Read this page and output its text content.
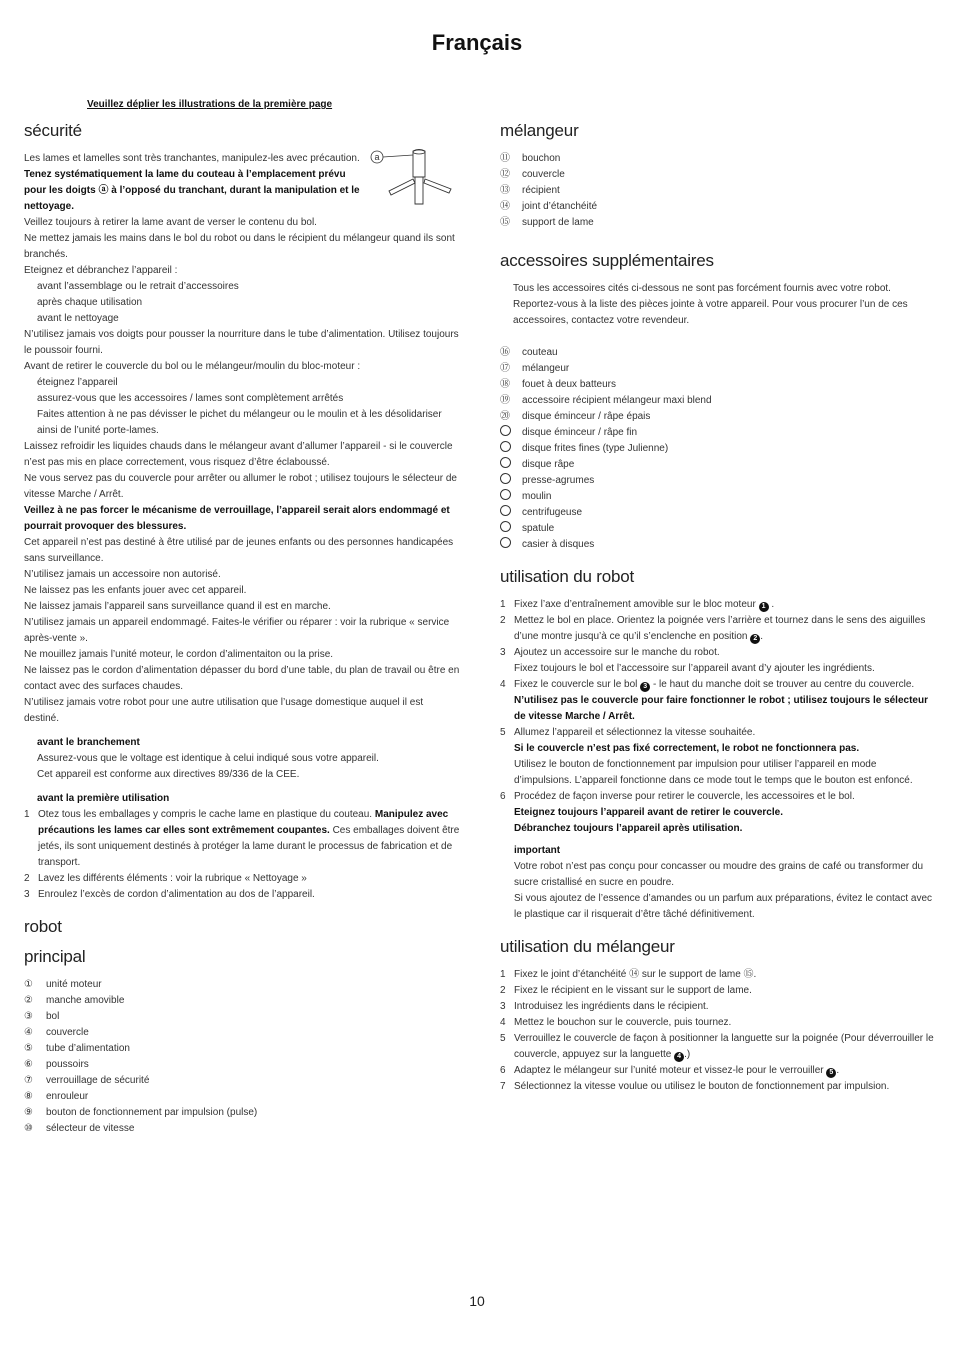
Français
Veuillez déplier les illustrations de la première page
sécurité
a

Les lames et lamelles sont très tranchantes, manipulez-les avec précaution. Tenez systématiquement la lame du couteau à l’emplacement prévu pour les doigts ⓐ à l’opposé du tranchant, durant la manipulation et le nettoyage.

Veillez toujours à retirer la lame avant de verser le contenu du bol.

Ne mettez jamais les mains dans le bol du robot ou dans le récipient du mélangeur quand ils sont branchés.

Eteignez et débranchez l’appareil :

avant l’assemblage ou le retrait d’accessoires

après chaque utilisation

avant le nettoyage

N’utilisez jamais vos doigts pour pousser la nourriture dans le tube d’alimentation. Utilisez toujours le poussoir fourni.

Avant de retirer le couvercle du bol ou le mélangeur/moulin du bloc-moteur :

éteignez l’appareil

assurez-vous que les accessoires / lames sont complètement arrêtés

Faites attention à ne pas dévisser le pichet du mélangeur ou le moulin et à les désolidariser ainsi de l’unité porte-lames.

Laissez refroidir les liquides chauds dans le mélangeur avant d’allumer l’appareil - si le couvercle n’est pas mis en place correctement, vous risquez d’être éclaboussé.

Ne vous servez pas du couvercle pour arrêter ou allumer le robot ; utilisez toujours le sélecteur de vitesse Marche / Arrêt.

Veillez à ne pas forcer le mécanisme de verrouillage, l’appareil serait alors endommagé et pourrait provoquer des blessures.

Cet appareil n’est pas destiné à être utilisé par de jeunes enfants ou des personnes handicapées sans surveillance.

N’utilisez jamais un accessoire non autorisé.

Ne laissez pas les enfants jouer avec cet appareil.

Ne laissez jamais l’appareil sans surveillance quand il est en marche.

N’utilisez jamais un appareil endommagé. Faites-le vérifier ou réparer : voir la rubrique « service après-vente ».

Ne mouillez jamais l’unité moteur, le cordon d’alimentaiton ou la prise.

Ne laissez pas le cordon d’alimentation dépasser du bord d’une table, du plan de travail ou être en contact avec des surfaces chaudes.

N’utilisez jamais votre robot pour une autre utilisation que l’usage domestique auquel il est destiné.

avant le branchement

Assurez-vous que le voltage est identique à celui indiqué sous votre appareil.

Cet appareil est conforme aux directives 89/336 de la CEE.

avant la première utilisation

1 Otez tous les emballages y compris le cache lame en plastique du couteau. Manipulez avec précautions les lames car elles sont extrêmement coupantes. Ces emballages doivent être jetés, ils sont uniquement destinés à protéger la lame durant le processus de fabrication et de transport.
2 Lavez les différents éléments : voir la rubrique « Nettoyage »
3 Enroulez l’excès de cordon d’alimentation au dos de l’appareil.
robot
principal
①	unité moteur
②	manche amovible
③	bol
④	couvercle
⑤	tube d’alimentation
⑥	poussoirs
⑦	verrouillage de sécurité
⑧	enrouleur
⑨	bouton de fonctionnement par impulsion (pulse)
⑩	sélecteur de vitesse
mélangeur
⑪	bouchon
⑫	couvercle
⑬	récipient
⑭	joint d’étanchéité
⑮	support de lame
accessoires supplémentaires

Tous les accessoires cités ci-dessous ne sont pas forcément fournis avec votre robot. Reportez-vous à la liste des pièces jointe à votre appareil. Pour vous procurer l’un de ces accessoires, contactez votre revendeur.

⑯	couteau
⑰	mélangeur
⑱	fouet à deux batteurs
⑲	accessoire récipient mélangeur maxi blend
⑳	disque éminceur / râpe épais
disque éminceur / râpe fin
disque frites fines (type Julienne)
disque râpe
presse-agrumes
moulin
centrifugeuse
spatule
casier à disques
utilisation du robot
1 Fixez l’axe d’entraînement amovible sur le bloc moteur 1 .
2 Mettez le bol en place. Orientez la poignée vers l’arrière et tournez dans le sens des aiguilles d’une montre jusqu’à ce qu’il s’enclenche en position 2 .
3 Ajoutez un accessoire sur le manche du robot.
Fixez toujours le bol et l’accessoire sur l’appareil avant d’y ajouter les ingrédients.
4 Fixez le couvercle sur le bol 3 - le haut du manche doit se trouver au centre du couvercle.
N’utilisez pas le couvercle pour faire fonctionner le robot ; utilisez toujours le sélecteur de vitesse Marche / Arrêt.
5 Allumez l’appareil et sélectionnez la vitesse souhaitée.
Si le couvercle n’est pas fixé correctement, le robot ne fonctionnera pas.
Utilisez le bouton de fonctionnement par impulsion pour utiliser l’appareil en mode d’impulsions. L’appareil fonctionne dans ce mode tout le temps que le bouton est enfoncé.
6 Procédez de façon inverse pour retirer le couvercle, les accessoires et le bol.
Eteignez toujours l’appareil avant de retirer le couvercle.
Débranchez toujours l’appareil après utilisation.
important
Votre robot n’est pas conçu pour concasser ou moudre des grains de café ou transformer du sucre cristallisé en sucre en poudre.
Si vous ajoutez de l’essence d’amandes ou un parfum aux préparations, évitez le contact avec le plastique car il risquerait d’être tâché définitivement.
utilisation du mélangeur
1 Fixez le joint d’étanchéité ⑭ sur le support de lame ⑮.
2 Fixez le récipient en le vissant sur le support de lame.
3 Introduisez les ingrédients dans le récipient.
4 Mettez le bouchon sur le couvercle, puis tournez.
5 Verrouillez le couvercle de façon à positionner la languette sur la poignée (Pour déverrouiller le couvercle, appuyez sur la languette 4 .)
6 Adaptez le mélangeur sur l’unité moteur et vissez-le pour le verrouiller 5 .
7 Sélectionnez la vitesse voulue ou utilisez le bouton de fonctionnement par impulsion.
10
